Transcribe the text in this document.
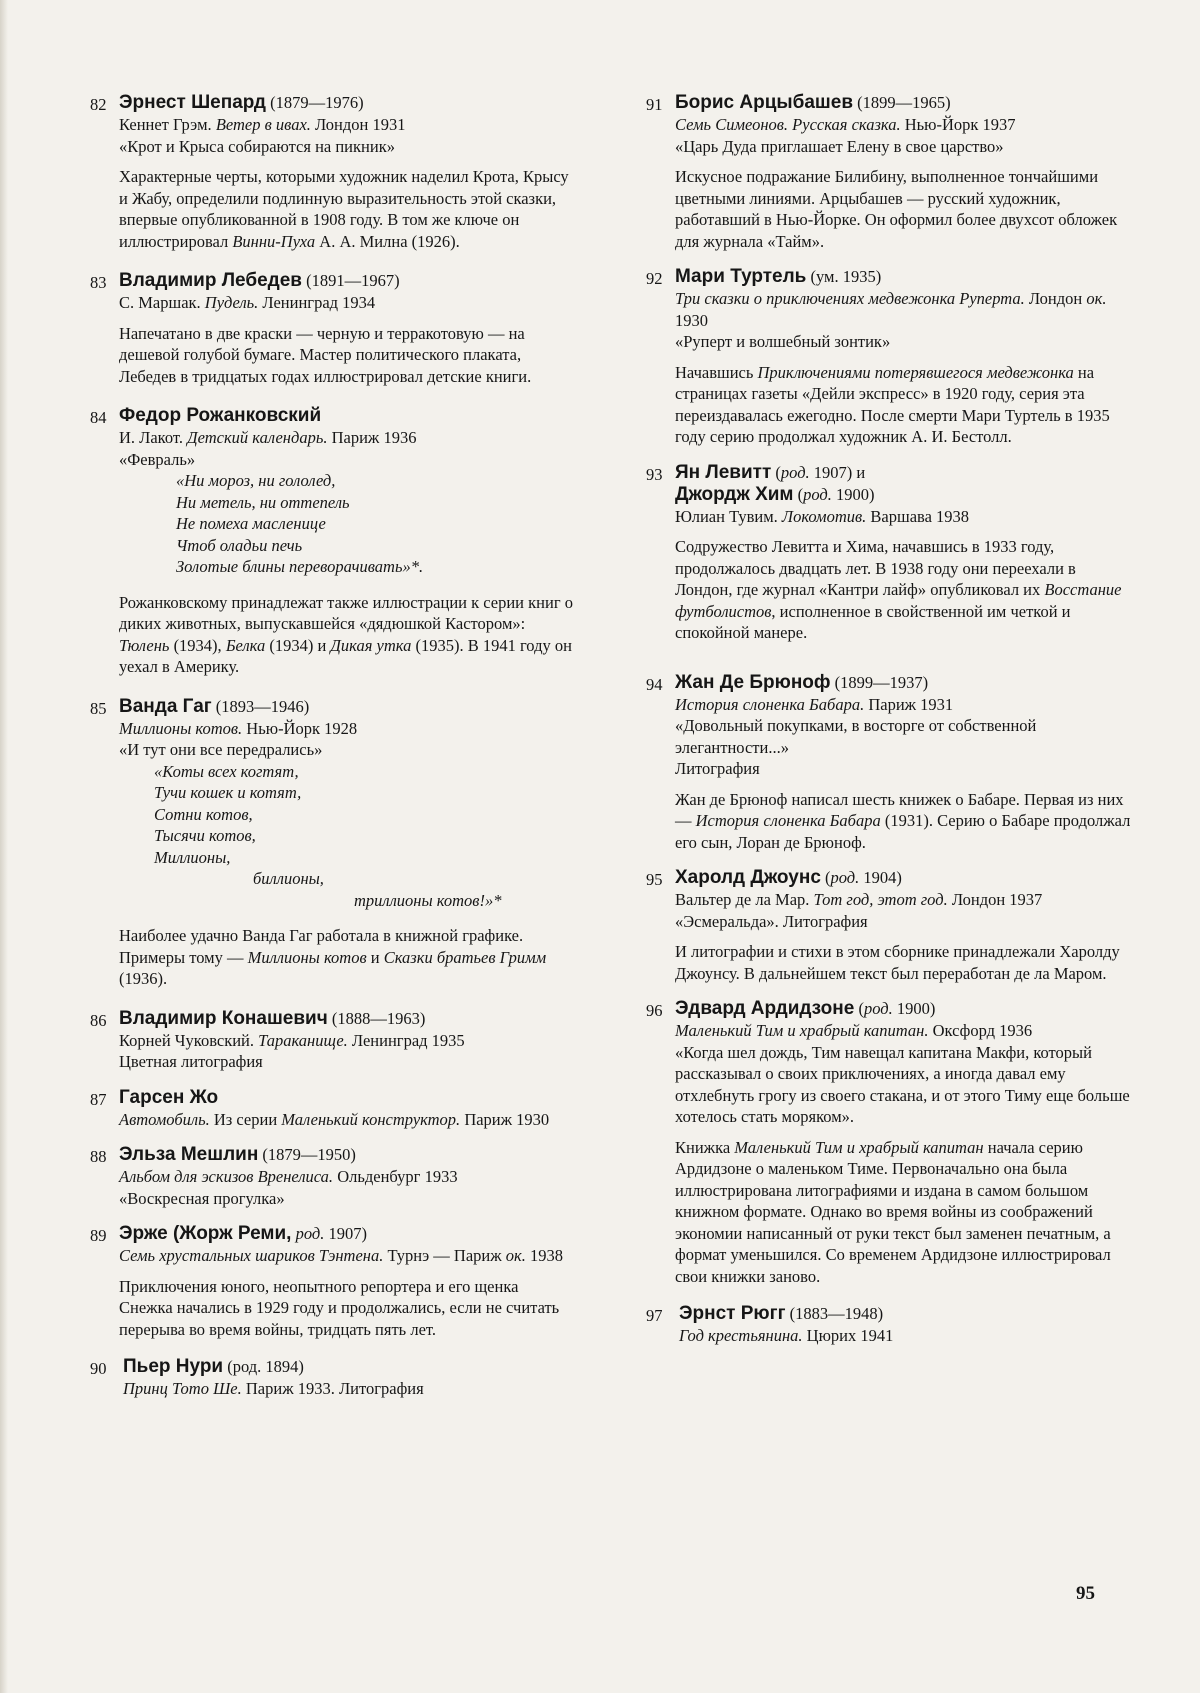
82 Эрнест Шепард (1879—1976)
Кеннет Грэм. Ветер в ивах. Лондон 1931
«Крот и Крыса собираются на пикник»
Характерные черты, которыми художник наделил Крота, Крысу и Жабу, определили подлинную выразительность этой сказки, впервые опубликованной в 1908 году. В том же ключе он иллюстрировал Винни-Пуха А. А. Милна (1926).
83 Владимир Лебедев (1891—1967)
С. Маршак. Пудель. Ленинград 1934
Напечатано в две краски — черную и терракотовую — на дешевой голубой бумаге. Мастер политического плаката, Лебедев в тридцатых годах иллюстрировал детские книги.
84 Федор Рожанковский
И. Лакот. Детский календарь. Париж 1936
«Февраль»
«Ни мороз, ни гололед,
Ни метель, ни оттепель
Не помеха масленице
Чтоб оладьи печь
Золотые блины переворачивать»*.
Рожанковскому принадлежат также иллюстрации к серии книг о диких животных, выпускавшейся «дядюшкой Кастором»: Тюлень (1934), Белка (1934) и Дикая утка (1935). В 1941 году он уехал в Америку.
85 Ванда Гаг (1893—1946)
Миллионы котов. Нью-Йорк 1928
«И тут они все передрались»
«Коты всех когтят,
Тучи кошек и котят,
Сотни котов,
Тысячи котов,
Миллионы,
биллионы,
триллионы котов!»*
Наиболее удачно Ванда Гаг работала в книжной графике. Примеры тому — Миллионы котов и Сказки братьев Гримм (1936).
86 Владимир Конашевич (1888—1963)
Корней Чуковский. Тараканище. Ленинград 1935
Цветная литография
87 Гарсен Жо
Автомобиль. Из серии Маленький конструктор. Париж 1930
88 Эльза Мешлин (1879—1950)
Альбом для эскизов Вренелиса. Ольденбург 1933
«Воскресная прогулка»
89 Эрже (Жорж Реми, род. 1907)
Семь хрустальных шариков Тэнтена. Турнэ — Париж ок. 1938
Приключения юного, неопытного репортера и его щенка Снежка начались в 1929 году и продолжались, если не считать перерыва во время войны, тридцать пять лет.
90 Пьер Нури (род. 1894)
Принц Тото Ше. Париж 1933. Литография
91 Борис Арцыбашев (1899—1965)
Семь Симеонов. Русская сказка. Нью-Йорк 1937
«Царь Дуда приглашает Елену в свое царство»
Искусное подражание Билибину, выполненное тончайшими цветными линиями. Арцыбашев — русский художник, работавший в Нью-Йорке. Он оформил более двухсот обложек для журнала «Тайм».
92 Мари Туртель (ум. 1935)
Три сказки о приключениях медвежонка Руперта. Лондон ок. 1930
«Руперт и волшебный зонтик»
Начавшись Приключениями потерявшегося медвежонка на страницах газеты «Дейли экспресс» в 1920 году, серия эта переиздавалась ежегодно. После смерти Мари Туртель в 1935 году серию продолжал художник А. И. Бестолл.
93 Ян Левитт (род. 1907) и
Джордж Хим (род. 1900)
Юлиан Тувим. Локомотив. Варшава 1938
Содружество Левитта и Хима, начавшись в 1933 году, продолжалось двадцать лет. В 1938 году они переехали в Лондон, где журнал «Кантри лайф» опубликовал их Восстание футболистов, исполненное в свойственной им четкой и спокойной манере.
94 Жан Де Брюноф (1899—1937)
История слоненка Бабара. Париж 1931
«Довольный покупками, в восторге от собственной элегантности...»
Литография
Жан де Брюноф написал шесть книжек о Бабаре. Первая из них — История слоненка Бабара (1931). Серию о Бабаре продолжал его сын, Лоран де Брюноф.
95 Харолд Джоунс (род. 1904)
Вальтер де ла Мар. Тот год, этот год. Лондон 1937
«Эсмеральда». Литография
И литографии и стихи в этом сборнике принадлежали Харолду Джоунсу. В дальнейшем текст был переработан де ла Маром.
96 Эдвард Ардидзоне (род. 1900)
Маленький Тим и храбрый капитан. Оксфорд 1936
«Когда шел дождь, Тим навещал капитана Макфи, который рассказывал о своих приключениях, а иногда давал ему отхлебнуть грогу из своего стакана, и от этого Тиму еще больше хотелось стать моряком».
Книжка Маленький Тим и храбрый капитан начала серию Ардидзоне о маленьком Тиме. Первоначально она была иллюстрирована литографиями и издана в самом большом книжном формате. Однако во время войны из соображений экономии написанный от руки текст был заменен печатным, а формат уменьшился. Со временем Ардидзоне иллюстрировал свои книжки заново.
97 Эрнст Рюгг (1883—1948)
Год крестьянина. Цюрих 1941
95
